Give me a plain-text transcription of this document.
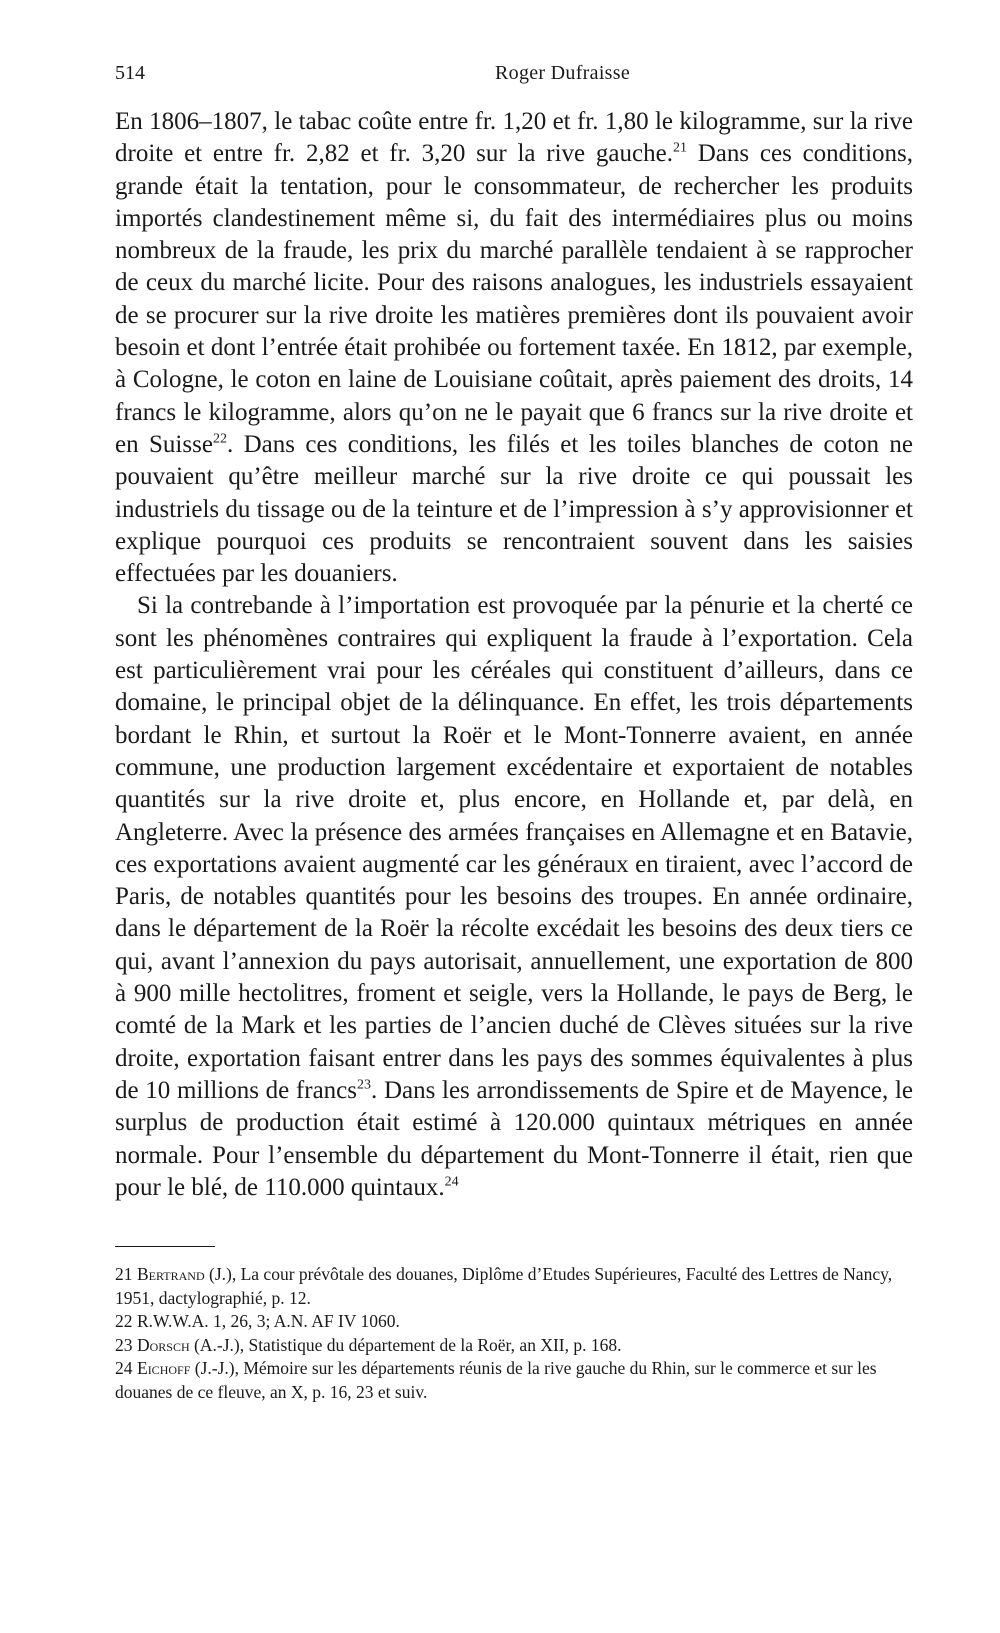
514	Roger Dufraisse

En 1806–1807, le tabac coûte entre fr. 1,20 et fr. 1,80 le kilogramme, sur la rive droite et entre fr. 2,82 et fr. 3,20 sur la rive gauche.$^{21}$ Dans ces conditions, grande était la tentation, pour le consommateur, de rechercher les produits importés clandestinement même si, du fait des intermédiaires plus ou moins nombreux de la fraude, les prix du marché parallèle tendaient à se rapprocher de ceux du marché licite. Pour des raisons analogues, les industriels essayaient de se procurer sur la rive droite les matières premières dont ils pouvaient avoir besoin et dont l’entrée était prohibée ou fortement taxée. En 1812, par exemple, à Cologne, le coton en laine de Louisiane coûtait, après paiement des droits, 14 francs le kilogramme, alors qu’on ne le payait que 6 francs sur la rive droite et en Suisse$^{22}$. Dans ces conditions, les filés et les toiles blanches de coton ne pouvaient qu’être meilleur marché sur la rive droite ce qui poussait les industriels du tissage ou de la teinture et de l’impression à s’y approvisionner et explique pourquoi ces produits se rencontraient souvent dans les saisies effectuées par les douaniers.

Si la contrebande à l’importation est provoquée par la pénurie et la cherté ce sont les phénomènes contraires qui expliquent la fraude à l’exportation. Cela est particulièrement vrai pour les céréales qui constituent d’ailleurs, dans ce domaine, le principal objet de la délinquance. En effet, les trois départements bordant le Rhin, et surtout la Roër et le Mont-Tonnerre avaient, en année commune, une production largement excédentaire et exportaient de notables quantités sur la rive droite et, plus encore, en Hollande et, par delà, en Angleterre. Avec la présence des armées françaises en Allemagne et en Batavie, ces exportations avaient augmenté car les généraux en tiraient, avec l’accord de Paris, de notables quantités pour les besoins des troupes. En année ordinaire, dans le département de la Roër la récolte excédait les besoins des deux tiers ce qui, avant l’annexion du pays autorisait, annuellement, une exportation de 800 à 900 mille hectolitres, froment et seigle, vers la Hollande, le pays de Berg, le comté de la Mark et les parties de l’ancien duché de Clèves situées sur la rive droite, exportation faisant entrer dans les pays des sommes équivalentes à plus de 10 millions de francs$^{23}$. Dans les arrondissements de Spire et de Mayence, le surplus de production était estimé à 120.000 quintaux métriques en année normale. Pour l’ensemble du département du Mont-Tonnerre il était, rien que pour le blé, de 110.000 quintaux.$^{24}$

21 Bertrand (J.), La cour prévôtale des douanes, Diplôme d’Etudes Supérieures, Faculté des Lettres de Nancy, 1951, dactylographié, p. 12.

22 R.W.W.A. 1, 26, 3; A.N. AF IV 1060.

23 Dorsch (A.-J.), Statistique du département de la Roër, an XII, p. 168.

24 Eichoff (J.-J.), Mémoire sur les départements réunis de la rive gauche du Rhin, sur le commerce et sur les douanes de ce fleuve, an X, p. 16, 23 et suiv.
